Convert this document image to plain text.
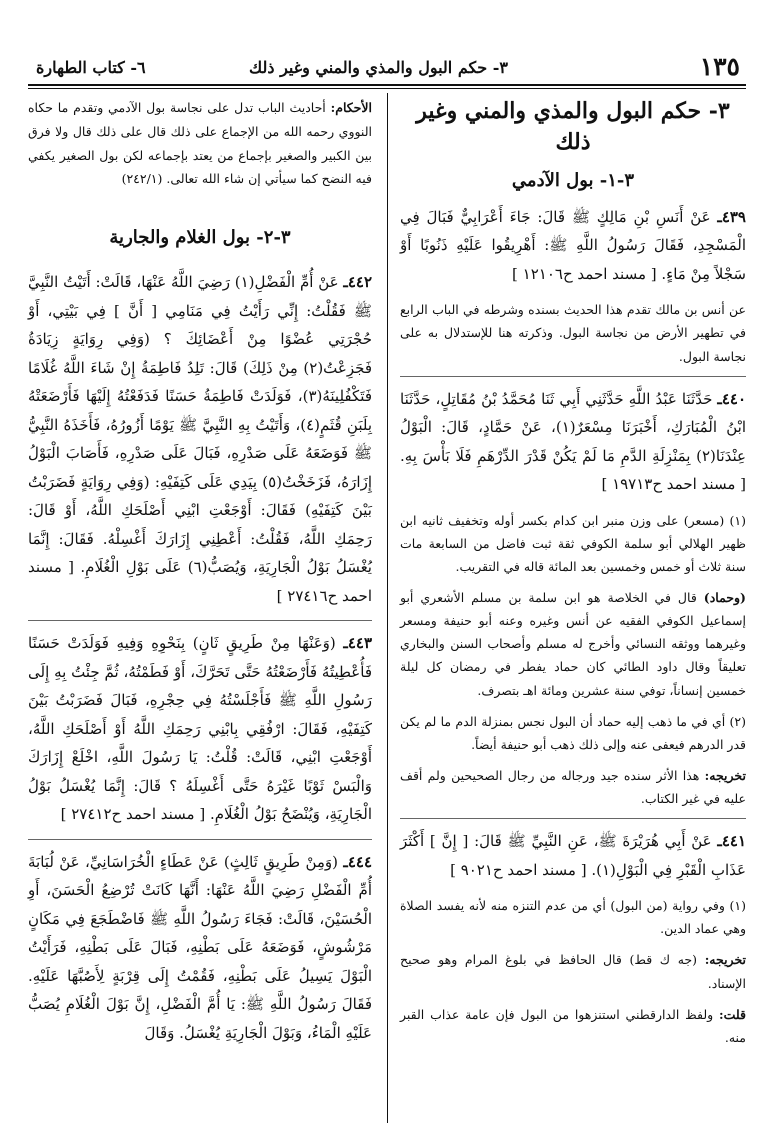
١٣٥
٣- حكم البول والمذي والمني وغير ذلك
٦- كتاب الطهارة
٣- حكم البول والمذي والمني وغير ذلك
٣-١- بول الآدمي

٤٣٩ـ عَنْ أَنَسِ بْنِ مَالِكٍ ﷺ قَالَ: جَاءَ أَعْرَابِيٌّ فَبَالَ فِي الْمَسْجِدِ، فَقَالَ رَسُولُ اللَّهِ ﷺ: أَهْرِيقُوا عَلَيْهِ ذَنُوبًا أَوْ سَجْلاً مِنْ مَاءٍ. [ مسند احمد ح١٢١٠٦ ]

عن أنس بن مالك تقدم هذا الحديث بسنده وشرطه في الباب الرابع في تطهير الأرض من نجاسة البول. وذكرته هنا للإستدلال به على نجاسة البول.

٤٤٠ـ حَدَّثَنَا عَبْدُ اللَّهِ حَدَّثَنِي أَبِي ثَنَا مُحَمَّدُ بْنُ مُقَاتِلٍ، حَدَّثَنَا ابْنُ الْمُبَارَكِ، أَخْبَرَنَا مِسْعَرٌ(١)، عَنْ حَمَّادٍ، قَالَ: الْبَوْلُ عِنْدَنَا(٢) بِمَنْزِلَةِ الدَّمِ مَا لَمْ يَكُنْ قَدْرَ الدِّرْهَمِ فَلَا بَأْسَ بِهِ. [ مسند احمد ح١٩٧١٣ ]

(١) (مسعر) على وزن منبر ابن كدام بكسر أوله وتخفيف ثانيه ابن ظهير الهلالي أبو سلمة الكوفي ثقة ثبت فاضل من السابعة مات سنة ثلاث أو خمس وخمسين بعد المائة قاله في التقريب.

(وحماد) قال في الخلاصة هو ابن سلمة بن مسلم الأشعري أبو إسماعيل الكوفي الفقيه عن أنس وغيره وعنه أبو حنيفة ومسعر وغيرهما ووثقه النسائي وأخرج له مسلم وأصحاب السنن والبخاري تعليقاً وقال داود الطائي كان حماد يفطر في رمضان كل ليلة خمسين إنساناً، توفي سنة عشرين ومائة اهـ بتصرف.

(٢) أي في ما ذهب إليه حماد أن البول نجس بمنزلة الدم ما لم يكن قدر الدرهم فيعفى عنه وإلى ذلك ذهب أبو حنيفة أيضاً.

تخريجه: هذا الأثر سنده جيد ورجاله من رجال الصحيحين ولم أقف عليه في غير الكتاب.

٤٤١ـ عَنْ أَبِي هُرَيْرَةَ ﷺ، عَنِ النَّبِيِّ ﷺ قَالَ: [ إِنَّ ] أَكْثَرَ عَذَابِ الْقَبْرِ فِي الْبَوْلِ(١). [ مسند احمد ح٩٠٢١ ]

(١) وفي رواية (من البول) أي من عدم التنزه منه لأنه يفسد الصلاة وهي عماد الدين.

تخريجه: (جه ك قط) قال الحافظ في بلوغ المرام وهو صحيح الإسناد.

قلت: ولفظ الدارقطني استنزهوا من البول فإن عامة عذاب القبر منه.

الأحكام: أحاديث الباب تدل على نجاسة بول الآدمي وتقدم ما حكاه النووي رحمه الله من الإجماع على ذلك قال على ذلك قال ولا فرق بين الكبير والصغير بإجماع من يعتد بإجماعه لكن بول الصغير يكفي فيه النضح كما سيأتي إن شاء الله تعالى. (٢٤٢/١)

٣-٢- بول الغلام والجارية

٤٤٢ـ عَنْ أُمِّ الْفَضْلِ(١) رَضِيَ اللَّهُ عَنْهَا، قَالَتْ: أَتَيْتُ النَّبِيَّ ﷺ فَقُلْتُ: إِنِّي رَأَيْتُ فِي مَنَامِي [ أَنَّ ] فِي بَيْتِي، أَوْ حُجْرَتِي عُضْوًا مِنْ أَعْضَائِكَ ؟ (وَفِي رِوَايَةٍ زِيَادَةُ فَجَزِعْتُ(٢) مِنْ ذَلِكَ) قَالَ: تَلِدُ فَاطِمَةُ إِنْ شَاءَ اللَّهُ غُلَامًا فَتَكْفُلِينَهُ(٣)، فَوَلَدَتْ فَاطِمَةُ حَسَنًا فَدَفَعْتُهُ إِلَيْهَا فَأَرْضَعَتْهُ بِلَبَنِ قُثَمٍ(٤)، وَأَتَيْتُ بِهِ النَّبِيَّ ﷺ يَوْمًا أَزُورُهُ، فَأَخَذَهُ النَّبِيُّ ﷺ فَوَضَعَهُ عَلَى صَدْرِهِ، فَبَالَ عَلَى صَدْرِهِ، فَأَصَابَ الْبَوْلُ إِزَارَهُ، فَزَخَخْتُ(٥) بِيَدِي عَلَى كَتِفَيْهِ: (وَفِي رِوَايَةٍ فَضَرَبْتُ بَيْنَ كَتِفَيْهِ) فَقَالَ: أَوْجَعْتِ ابْنِي أَصْلَحَكِ اللَّهُ، أَوْ قَالَ: رَحِمَكِ اللَّهُ، فَقُلْتُ: أَعْطِنِي إِزَارَكَ أَغْسِلْهُ. فَقَالَ: إِنَّمَا يُغْسَلُ بَوْلُ الْجَارِيَةِ، وَيُصَبُّ(٦) عَلَى بَوْلِ الْغُلَامِ. [ مسند احمد ح٢٧٤١٦ ]

٤٤٣ـ (وَعَنْهَا مِنْ طَرِيقٍ ثَانٍ) بِنَحْوِهِ وَفِيهِ فَوَلَدَتْ حَسَنًا فَأُعْطِيتُهُ فَأَرْضَعْتُهُ حَتَّى تَحَرَّكَ، أَوْ فَطَمْتُهُ، ثُمَّ جِئْتُ بِهِ إِلَى رَسُولِ اللَّهِ ﷺ فَأَجْلَسْتُهُ فِي حِجْرِهِ، فَبَالَ فَضَرَبْتُ بَيْنَ كَتِفَيْهِ، فَقَالَ: ارْفُقِي بِابْنِي رَحِمَكِ اللَّهُ أَوْ أَصْلَحَكِ اللَّهُ، أَوْجَعْتِ ابْنِي، قَالَتْ: قُلْتُ: يَا رَسُولَ اللَّهِ، اخْلَعْ إِزَارَكَ وَالْبَسْ ثَوْبًا غَيْرَهُ حَتَّى أَغْسِلَهُ ؟ قَالَ: إِنَّمَا يُغْسَلُ بَوْلُ الْجَارِيَةِ، وَيُنْضَحُ بَوْلُ الْغُلَامِ. [ مسند احمد ح٢٧٤١٢ ]

٤٤٤ـ (وَمِنْ طَرِيقٍ ثَالِثٍ) عَنْ عَطَاءٍ الْخُرَاسَانِيِّ، عَنْ لُبَابَةَ أُمِّ الْفَضْلِ رَضِيَ اللَّهُ عَنْهَا: أَنَّهَا كَانَتْ تُرْضِعُ الْحَسَنَ، أَوِ الْحُسَيْنَ، قَالَتْ: فَجَاءَ رَسُولُ اللَّهِ ﷺ فَاضْطَجَعَ فِي مَكَانٍ مَرْشُوشٍ، فَوَضَعَهُ عَلَى بَطْنِهِ، فَبَالَ عَلَى بَطْنِهِ، فَرَأَيْتُ الْبَوْلَ يَسِيلُ عَلَى بَطْنِهِ، فَقُمْتُ إِلَى قِرْبَةٍ لِأَصُبَّهَا عَلَيْهِ. فَقَالَ رَسُولُ اللَّهِ ﷺ: يَا أُمَّ الْفَضْلِ، إِنَّ بَوْلَ الْغُلَامِ يُصَبُّ عَلَيْهِ الْمَاءُ، وَبَوْلَ الْجَارِيَةِ يُغْسَلُ. وَقَالَ
